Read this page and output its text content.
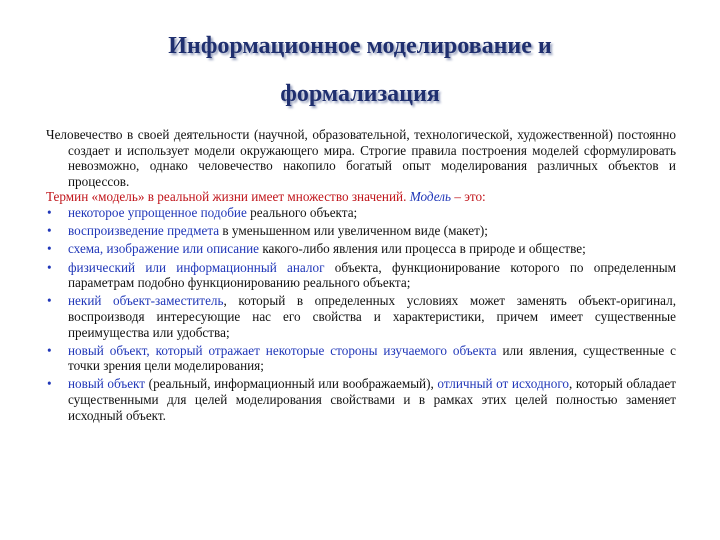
Информационное моделирование и
формализация

Человечество в своей деятельности (научной, образовательной, технологической, художественной) постоянно создает и использует модели окружающего мира. Строгие правила построения моделей сформулировать невозможно, однако человечество накопило богатый опыт моделирования различных объектов и процессов.

Термин «модель» в реальной жизни имеет множество значений. Модель – это:

• некоторое упрощенное подобие реального объекта;
• воспроизведение предмета в уменьшенном или увеличенном виде (макет);
• схема, изображение или описание какого-либо явления или процесса в природе и обществе;
• физический или информационный аналог объекта, функционирование которого по определенным параметрам подобно функционированию реального объекта;
• некий объект-заместитель, который в определенных условиях может заменять объект-оригинал, воспроизводя интересующие нас его свойства и характеристики, причем имеет существенные преимущества или удобства;
• новый объект, который отражает некоторые стороны изучаемого объекта или явления, существенные с точки зрения цели моделирования;
• новый объект (реальный, информационный или воображаемый), отличный от исходного, который обладает существенными для целей моделирования свойствами и в рамках этих целей полностью заменяет исходный объект.
